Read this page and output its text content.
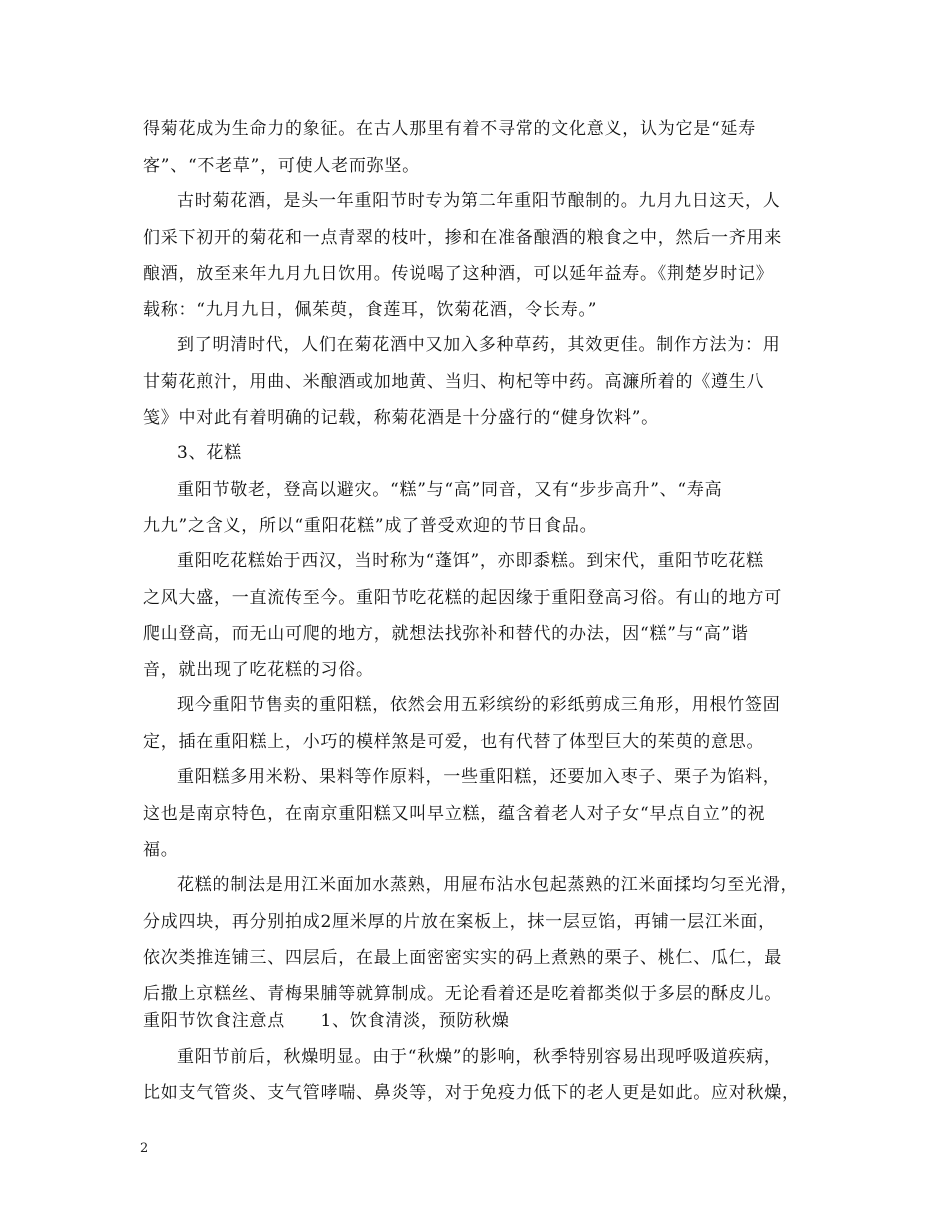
得菊花成为生命力的象征。在古人那里有着不寻常的文化意义，认为它是“延寿
客”、“不老草”，可使人老而弥坚。
古时菊花酒，是头一年重阳节时专为第二年重阳节酿制的。九月九日这天，人
们采下初开的菊花和一点青翠的枝叶，掺和在准备酿酒的粮食之中，然后一齐用来
酿酒，放至来年九月九日饮用。传说喝了这种酒，可以延年益寿。《荆楚岁时记》
载称：“九月九日，佩茱萸，食莲耳，饮菊花酒，令长寿。”
到了明清时代，人们在菊花酒中又加入多种草药，其效更佳。制作方法为：用
甘菊花煎汁，用曲、米酿酒或加地黄、当归、枸杞等中药。高濂所着的《遵生八
笺》中对此有着明确的记载，称菊花酒是十分盛行的“健身饮料”。
3、花糕
重阳节敬老，登高以避灾。“糕”与“高”同音，又有“步步高升”、“寿高
九九”之含义，所以“重阳花糕”成了普受欢迎的节日食品。
重阳吃花糕始于西汉，当时称为“蓬饵”，亦即黍糕。到宋代，重阳节吃花糕
之风大盛，一直流传至今。重阳节吃花糕的起因缘于重阳登高习俗。有山的地方可
爬山登高，而无山可爬的地方，就想法找弥补和替代的办法，因“糕”与“高”谐
音，就出现了吃花糕的习俗。
现今重阳节售卖的重阳糕，依然会用五彩缤纷的彩纸剪成三角形，用根竹签固
定，插在重阳糕上，小巧的模样煞是可爱，也有代替了体型巨大的茱萸的意思。
重阳糕多用米粉、果料等作原料，一些重阳糕，还要加入枣子、栗子为馅料，
这也是南京特色，在南京重阳糕又叫早立糕，蕴含着老人对子女“早点自立”的祝
福。
花糕的制法是用江米面加水蒸熟，用屉布沾水包起蒸熟的江米面揉均匀至光滑，
分成四块，再分别拍成2厘米厚的片放在案板上，抹一层豆馅，再铺一层江米面，
依次类推连铺三、四层后，在最上面密密实实的码上煮熟的栗子、桃仁、瓜仁，最
后撒上京糕丝、青梅果脯等就算制成。无论看着还是吃着都类似于多层的酥皮儿。
重阳节饮食注意点　　1、饮食清淡，预防秋燥
重阳节前后，秋燥明显。由于“秋燥”的影响，秋季特别容易出现呼吸道疾病，
比如支气管炎、支气管哮喘、鼻炎等，对于免疫力低下的老人更是如此。应对秋燥，
2
